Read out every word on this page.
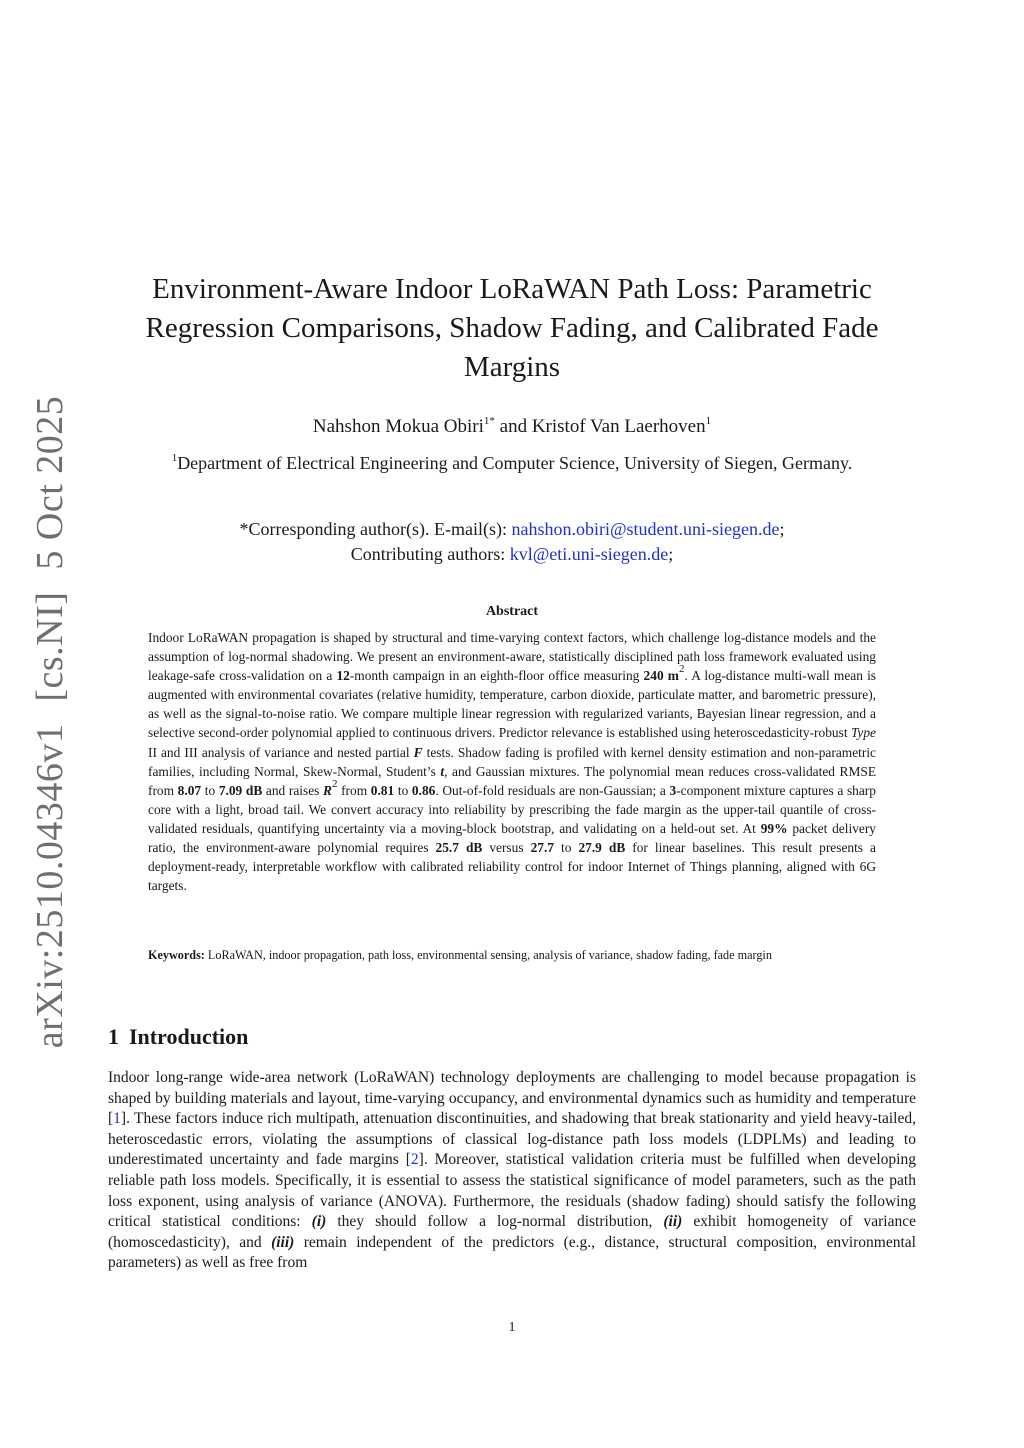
arXiv:2510.04346v1[cs.NI]5 Oct 2025
Environment-Aware Indoor LoRaWAN Path Loss: Parametric Regression Comparisons, Shadow Fading, and Calibrated Fade Margins
Nahshon Mokua Obiri$^{1*}$ and Kristof Van Laerhoven$^1$
$^1$Department of Electrical Engineering and Computer Science, University of Siegen, Germany.
*Corresponding author(s). E-mail(s): nahshon.obiri@student.uni-siegen.de;
Contributing authors: kvl@eti.uni-siegen.de;
Abstract

Indoor LoRaWAN propagation is shaped by structural and time-varying context factors, which challenge log-distance models and the assumption of log-normal shadowing. We present an environment-aware, statistically disciplined path loss framework evaluated using leakage-safe cross-validation on a 12-month campaign in an eighth-floor office measuring 240 $m^2$. A log-distance multi-wall mean is augmented with environmental covariates (relative humidity, temperature, carbon dioxide, particulate matter, and barometric pressure), as well as the signal-to-noise ratio. We compare multiple linear regression with regularized variants, Bayesian linear regression, and a selective second-order polynomial applied to continuous drivers. Predictor relevance is established using heteroscedasticity-robust Type II and III analysis of variance and nested partial F tests. Shadow fading is profiled with kernel density estimation and non-parametric families, including Normal, Skew-Normal, Student’s t, and Gaussian mixtures. The polynomial mean reduces cross-validated RMSE from 8.07 to 7.09 dB and raises $R^2$ from 0.81 to 0.86. Out-of-fold residuals are non-Gaussian; a 3-component mixture captures a sharp core with a light, broad tail. We convert accuracy into reliability by prescribing the fade margin as the upper-tail quantile of cross-validated residuals, quantifying uncertainty via a moving-block bootstrap, and validating on a held-out set. At 99% packet delivery ratio, the environment-aware polynomial requires 25.7 dB versus 27.7 to 27.9 dB for linear baselines. This result presents a deployment-ready, interpretable workflow with calibrated reliability control for indoor Internet of Things planning, aligned with 6G targets.

Keywords: LoRaWAN, indoor propagation, path loss, environmental sensing, analysis of variance, shadow fading, fade margin

1 Introduction

Indoor long-range wide-area network (LoRaWAN) technology deployments are challenging to model because propagation is shaped by building materials and layout, time-varying occupancy, and environmental dynamics such as humidity and temperature [1]. These factors induce rich multipath, attenuation discontinuities, and shadowing that break stationarity and yield heavy-tailed, heteroscedastic errors, violating the assumptions of classical log-distance path loss models (LDPLMs) and leading to underestimated uncertainty and fade margins [2]. Moreover, statistical validation criteria must be fulfilled when developing reliable path loss models. Specifically, it is essential to assess the statistical significance of model parameters, such as the path loss exponent, using analysis of variance (ANOVA). Furthermore, the residuals (shadow fading) should satisfy the following critical statistical conditions: (i) they should follow a log-normal distribution, (ii) exhibit homogeneity of variance (homoscedasticity), and (iii) remain independent of the predictors (e.g., distance, structural composition, environmental parameters) as well as free from

1
